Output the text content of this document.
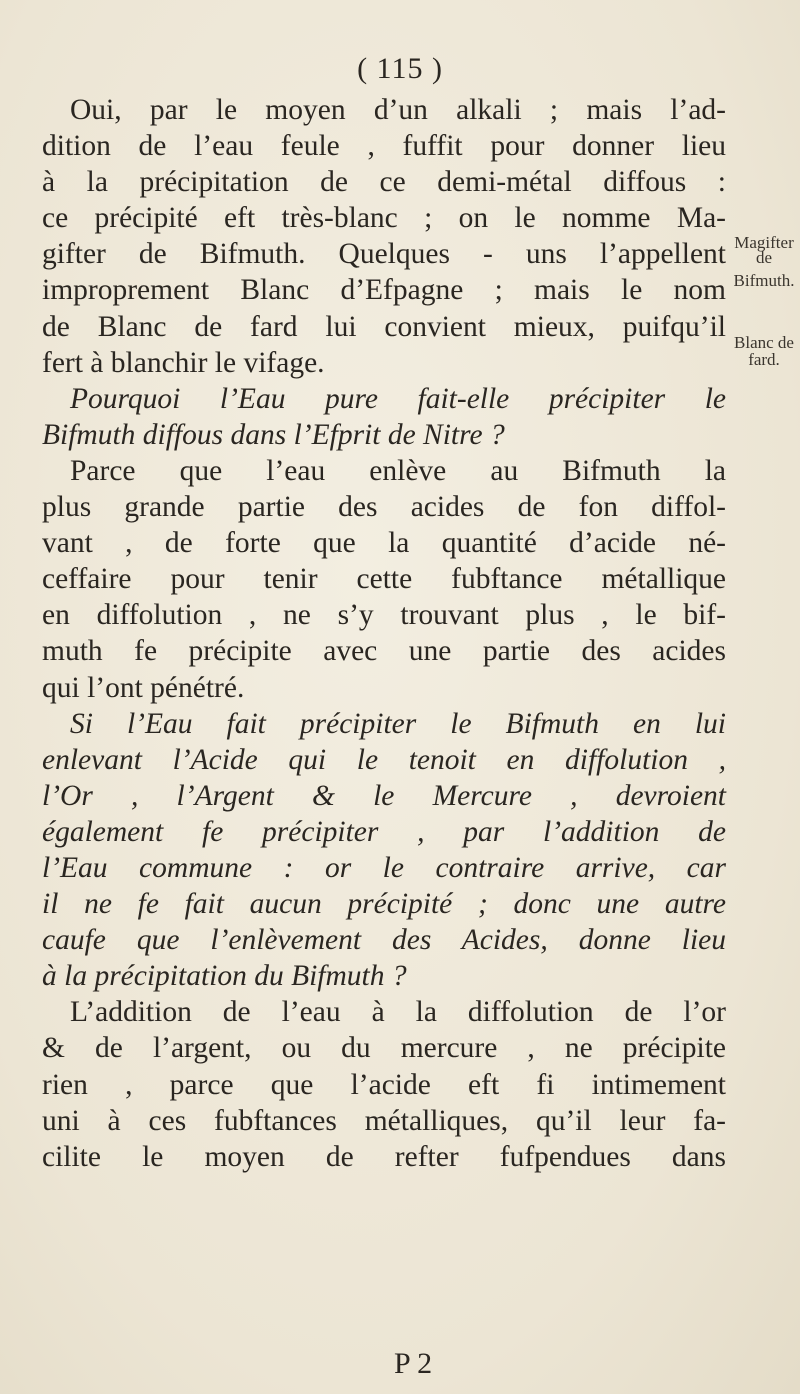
( 115 )
Oui, par le moyen d’un alkali ; mais l’ad-
dition de l’eau feule , fuffit pour donner lieu
à la précipitation de ce demi-métal diffous :
ce précipité eft très-blanc ; on le nomme Ma-
gifter de Bifmuth. Quelques - uns l’appellent
improprement Blanc d’Efpagne ; mais le nom
de Blanc de fard lui convient mieux, puifqu’il
fert à blanchir le vifage.
Pourquoi l’Eau pure fait-elle précipiter le
Bifmuth diffous dans l’Efprit de Nitre ?
Parce que l’eau enlève au Bifmuth la
plus grande partie des acides de fon diffol-
vant , de forte que la quantité d’acide né-
ceffaire pour tenir cette fubftance métallique
en diffolution , ne s’y trouvant plus , le bif-
muth fe précipite avec une partie des acides
qui l’ont pénétré.
Si l’Eau fait précipiter le Bifmuth en lui
enlevant l’Acide qui le tenoit en diffolution ,
l’Or , l’Argent & le Mercure , devroient
également fe précipiter , par l’addition de
l’Eau commune : or le contraire arrive, car
il ne fe fait aucun précipité ; donc une autre
caufe que l’enlèvement des Acides, donne lieu
à la précipitation du Bifmuth ?
L’addition de l’eau à la diffolution de l’or
& de l’argent, ou du mercure , ne précipite
rien , parce que l’acide eft fi intimement
uni à ces fubftances métalliques, qu’il leur fa-
cilite le moyen de refter fufpendues dans
Magifter
de
Bifmuth.
Blanc de
fard.
P 2
